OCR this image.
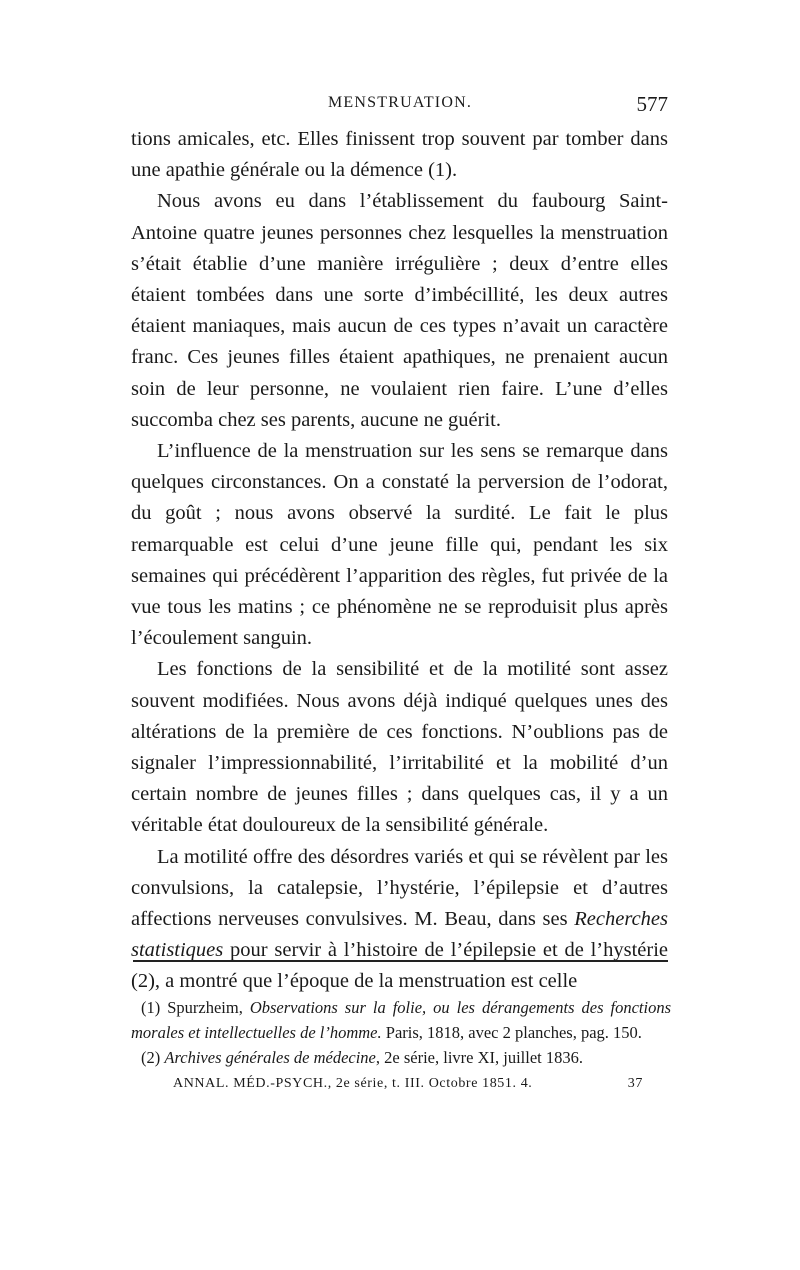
MENSTRUATION.	577

tions amicales, etc. Elles finissent trop souvent par tomber dans une apathie générale ou la démence (1).

Nous avons eu dans l’établissement du faubourg Saint-Antoine quatre jeunes personnes chez lesquelles la menstruation s’était établie d’une manière irrégulière ; deux d’entre elles étaient tombées dans une sorte d’imbécillité, les deux autres étaient maniaques, mais aucun de ces types n’avait un caractère franc. Ces jeunes filles étaient apathiques, ne prenaient aucun soin de leur personne, ne voulaient rien faire. L’une d’elles succomba chez ses parents, aucune ne guérit.

L’influence de la menstruation sur les sens se remarque dans quelques circonstances. On a constaté la perversion de l’odorat, du goût ; nous avons observé la surdité. Le fait le plus remarquable est celui d’une jeune fille qui, pendant les six semaines qui précédèrent l’apparition des règles, fut privée de la vue tous les matins ; ce phénomène ne se reproduisit plus après l’écoulement sanguin.

Les fonctions de la sensibilité et de la motilité sont assez souvent modifiées. Nous avons déjà indiqué quelques unes des altérations de la première de ces fonctions. N’oublions pas de signaler l’impressionnabilité, l’irritabilité et la mobilité d’un certain nombre de jeunes filles ; dans quelques cas, il y a un véritable état douloureux de la sensibilité générale.

La motilité offre des désordres variés et qui se révèlent par les convulsions, la catalepsie, l’hystérie, l’épilepsie et d’autres affections nerveuses convulsives. M. Beau, dans ses Recherches statistiques pour servir à l’histoire de l’épilepsie et de l’hystérie (2), a montré que l’époque de la menstruation est celle

(1) Spurzheim, Observations sur la folie, ou les dérangements des fonctions morales et intellectuelles de l’homme. Paris, 1818, avec 2 planches, pag. 150.

(2) Archives générales de médecine, 2e série, livre XI, juillet 1836.

ANNAL. MÉD.-PSYCH., 2e série, t. III. Octobre 1851. 4.	37
